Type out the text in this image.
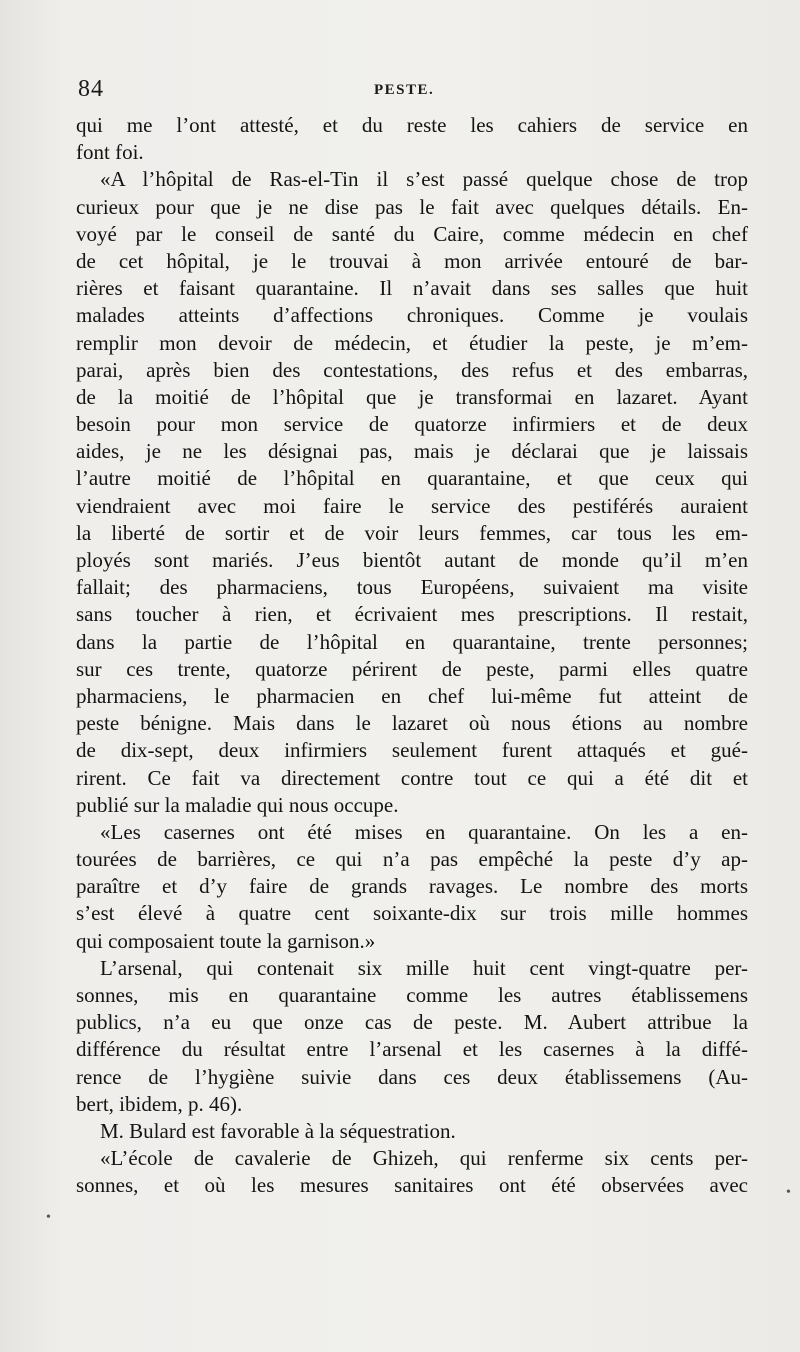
84	PESTE.
qui me l’ont attesté, et du reste les cahiers de service en
font foi.
«A l’hôpital de Ras-el-Tin il s’est passé quelque chose de trop
curieux pour que je ne dise pas le fait avec quelques détails. En-
voyé par le conseil de santé du Caire, comme médecin en chef
de cet hôpital, je le trouvai à mon arrivée entouré de bar-
rières et faisant quarantaine. Il n’avait dans ses salles que huit
malades atteints d’affections chroniques. Comme je voulais
remplir mon devoir de médecin, et étudier la peste, je m’em-
parai, après bien des contestations, des refus et des embarras,
de la moitié de l’hôpital que je transformai en lazaret. Ayant
besoin pour mon service de quatorze infirmiers et de deux
aides, je ne les désignai pas, mais je déclarai que je laissais
l’autre moitié de l’hôpital en quarantaine, et que ceux qui
viendraient avec moi faire le service des pestiférés auraient
la liberté de sortir et de voir leurs femmes, car tous les em-
ployés sont mariés. J’eus bientôt autant de monde qu’il m’en
fallait; des pharmaciens, tous Européens, suivaient ma visite
sans toucher à rien, et écrivaient mes prescriptions. Il restait,
dans la partie de l’hôpital en quarantaine, trente personnes;
sur ces trente, quatorze périrent de peste, parmi elles quatre
pharmaciens, le pharmacien en chef lui-même fut atteint de
peste bénigne. Mais dans le lazaret où nous étions au nombre
de dix-sept, deux infirmiers seulement furent attaqués et gué-
rirent. Ce fait va directement contre tout ce qui a été dit et
publié sur la maladie qui nous occupe.
«Les casernes ont été mises en quarantaine. On les a en-
tourées de barrières, ce qui n’a pas empêché la peste d’y ap-
paraître et d’y faire de grands ravages. Le nombre des morts
s’est élevé à quatre cent soixante-dix sur trois mille hommes
qui composaient toute la garnison.»
L’arsenal, qui contenait six mille huit cent vingt-quatre per-
sonnes, mis en quarantaine comme les autres établissemens
publics, n’a eu que onze cas de peste. M. Aubert attribue la
différence du résultat entre l’arsenal et les casernes à la diffé-
rence de l’hygiène suivie dans ces deux établissemens (Au-
bert, ibidem, p. 46).
M. Bulard est favorable à la séquestration.
«L’école de cavalerie de Ghizeh, qui renferme six cents per-
sonnes, et où les mesures sanitaires ont été observées avec	•
•
